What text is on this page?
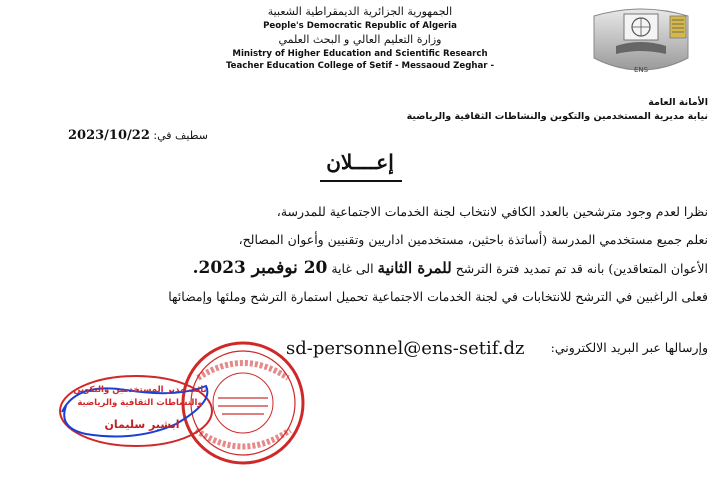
الجمهورية الجزائرية الديمقراطية الشعبية
People's Democratic Republic of Algeria
وزارة التعليم العالي و البحث العلمي
Ministry of Higher Education and Scientific Research
Teacher Education College of Setif - Messaoud Zeghar -	ENS
الأمانة العامة
نيابة مديرية المستخدمين والتكوين والنشاطات الثقافية والرياضية
سطيف في: 2023/10/22
إعــــلان

نظرا لعدم وجود مترشحين بالعدد الكافي لانتخاب لجنة الخدمات الاجتماعية للمدرسة،

نعلم جميع مستخدمي المدرسة (أساتذة باحثين، مستخدمين اداريين وتقنيين وأعوان المصالح،

الأعوان المتعاقدين) بانه قد تم تمديد فترة الترشح للمرة الثانية الى غاية 20 نوفمبر 2023.

فعلى الراغبين في الترشح للانتخابات في لجنة الخدمات الاجتماعية تحميل استمارة الترشح وملئها وإمضائها

وإرسالها عبر البريد الالكتروني:
sd-personnel@ens-setif.dz
نائب مدير المستخدمين والتكوين
والنشاطات الثقافية والرياضية
ابشير سليمان
